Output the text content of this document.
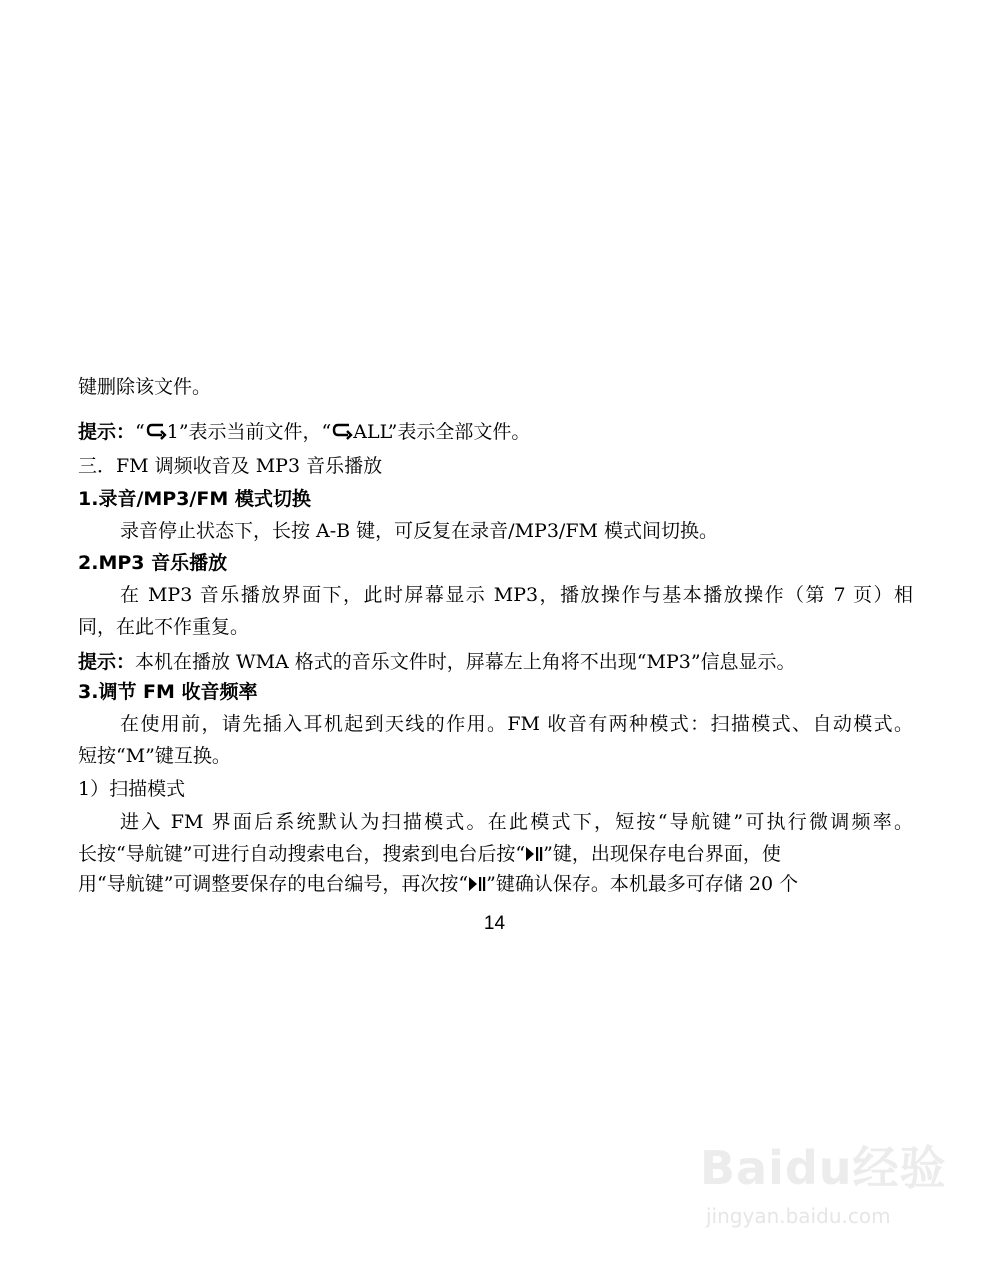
键删除该文件。

提示：“ 1”表示当前文件，“ ALL”表示全部文件。

三．FM 调频收音及 MP3 音乐播放

1.录音/MP3/FM 模式切换

录音停止状态下，长按 A-B 键，可反复在录音/MP3/FM 模式间切换。

2.MP3 音乐播放

在 MP3 音乐播放界面下，此时屏幕显示 MP3，播放操作与基本播放操作（第 7 页）相

同，在此不作重复。

提示：本机在播放 WMA 格式的音乐文件时，屏幕左上角将不出现“MP3”信息显示。

3.调节 FM 收音频率

在使用前，请先插入耳机起到天线的作用。FM 收音有两种模式：扫描模式、自动模式。

短按“M”键互换。

1）扫描模式

进入 FM 界面后系统默认为扫描模式。在此模式下，短按“导航键”可执行微调频率。

长按“导航键”可进行自动搜索电台，搜索到电台后按“ ”键，出现保存电台界面，使

用“导航键”可调整要保存的电台编号，再次按“ ”键确认保存。本机最多可存储 20 个

14
Baidu经验
jingyan.baidu.com
